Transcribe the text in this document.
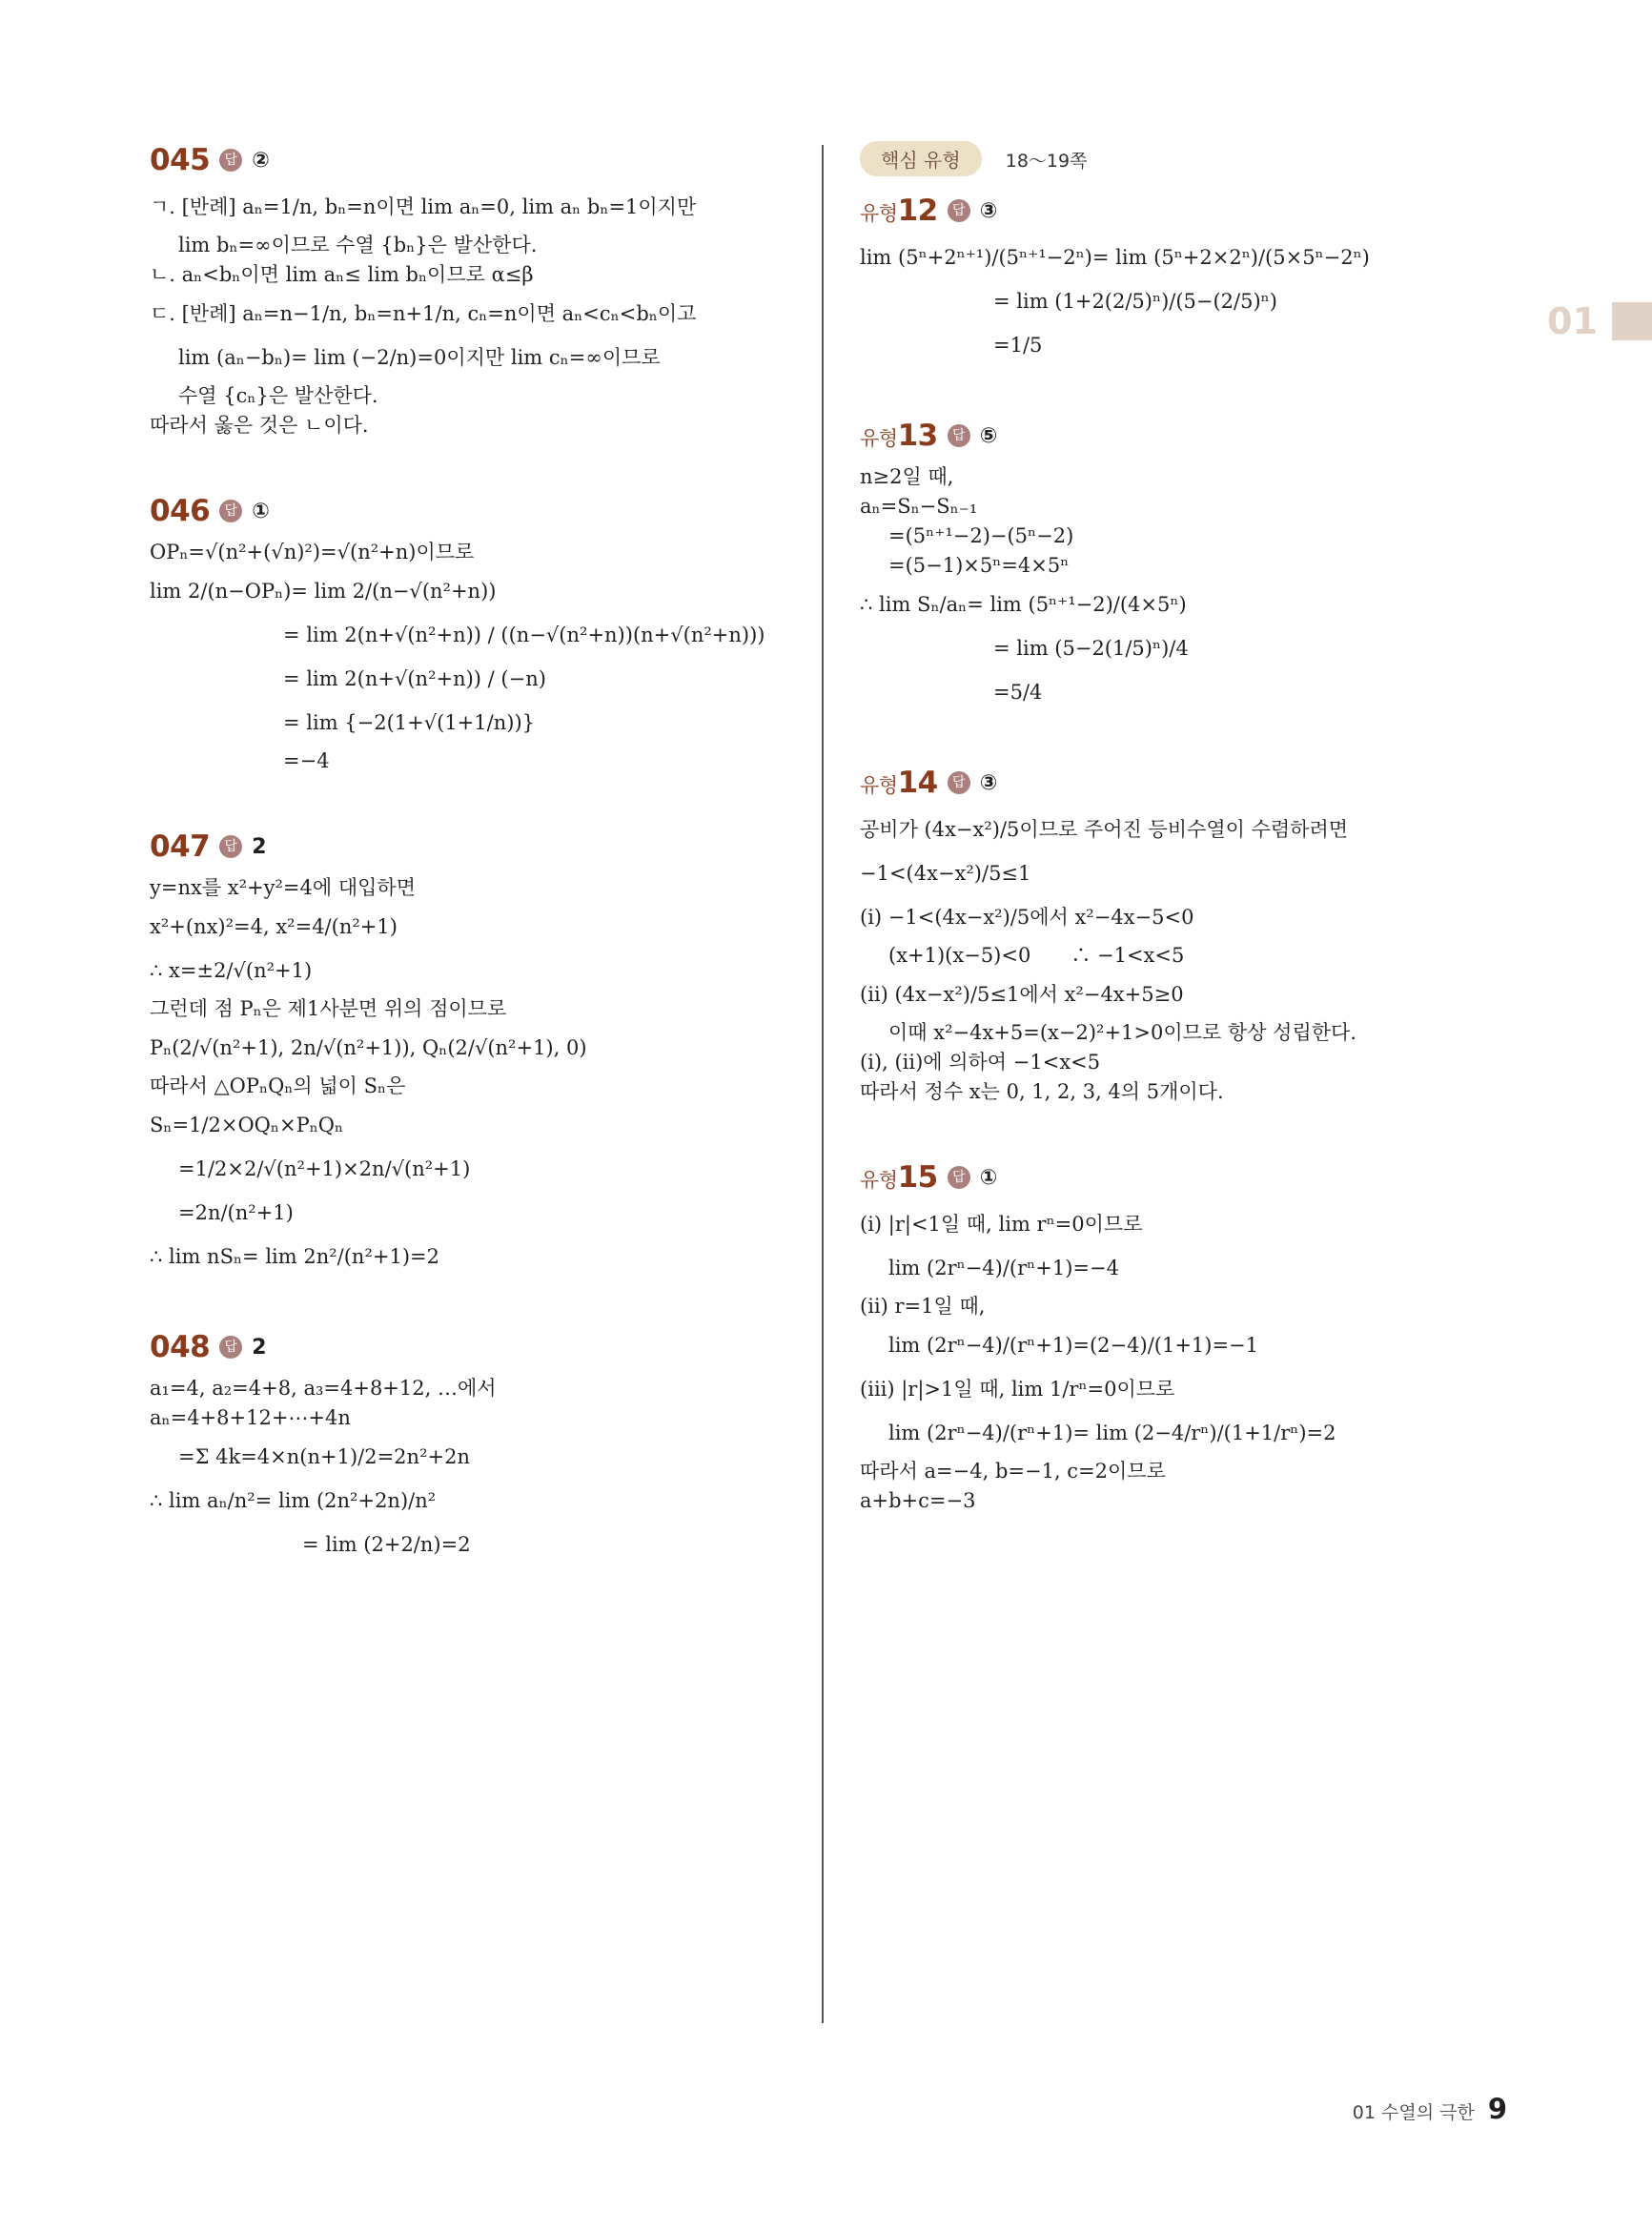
045	답 ②
ㄱ. [반례] aₙ=1/n, bₙ=n이면 lim aₙ=0, lim aₙ bₙ=1이지만
lim bₙ=∞이므로 수열 {bₙ}은 발산한다.
ㄴ. aₙ<bₙ이면 lim aₙ≤ lim bₙ이므로 α≤β
ㄷ. [반례] aₙ=n−1/n, bₙ=n+1/n, cₙ=n이면 aₙ<cₙ<bₙ이고
lim (aₙ−bₙ)= lim (−2/n)=0이지만 lim cₙ=∞이므로
수열 {cₙ}은 발산한다.
따라서 옳은 것은 ㄴ이다.
046	답 ①
OPₙ=√(n²+(√n)²)=√(n²+n)이므로
lim 2/(n−OPₙ)= lim 2/(n−√(n²+n))
= lim 2(n+√(n²+n)) / ((n−√(n²+n))(n+√(n²+n)))
= lim 2(n+√(n²+n)) / (−n)
= lim {−2(1+√(1+1/n))}
=−4
047	답 2
y=nx를 x²+y²=4에 대입하면
x²+(nx)²=4, x²=4/(n²+1)
∴ x=±2/√(n²+1)
그런데 점 Pₙ은 제1사분면 위의 점이므로
Pₙ(2/√(n²+1), 2n/√(n²+1)), Qₙ(2/√(n²+1), 0)
따라서 △OPₙQₙ의 넓이 Sₙ은
Sₙ=1/2×OQₙ×PₙQₙ
=1/2×2/√(n²+1)×2n/√(n²+1)
=2n/(n²+1)
∴ lim nSₙ= lim 2n²/(n²+1)=2
048	답 2
a₁=4, a₂=4+8, a₃=4+8+12, …에서
aₙ=4+8+12+⋯+4n
=Σ 4k=4×n(n+1)/2=2n²+2n
∴ lim aₙ/n²= lim (2n²+2n)/n²
= lim (2+2/n)=2
핵심 유형 18～19쪽
유형12	답 ③
lim (5ⁿ+2ⁿ⁺¹)/(5ⁿ⁺¹−2ⁿ)= lim (5ⁿ+2×2ⁿ)/(5×5ⁿ−2ⁿ)
= lim (1+2(2/5)ⁿ)/(5−(2/5)ⁿ)
=1/5
유형13	답 ⑤
n≥2일 때,
aₙ=Sₙ−Sₙ₋₁
=(5ⁿ⁺¹−2)−(5ⁿ−2)
=(5−1)×5ⁿ=4×5ⁿ
∴ lim Sₙ/aₙ= lim (5ⁿ⁺¹−2)/(4×5ⁿ)
= lim (5−2(1/5)ⁿ)/4
=5/4
유형14	답 ③
공비가 (4x−x²)/5이므로 주어진 등비수열이 수렴하려면
−1<(4x−x²)/5≤1
(ⅰ) −1<(4x−x²)/5에서 x²−4x−5<0
(x+1)(x−5)<0　　∴ −1<x<5
(ⅱ) (4x−x²)/5≤1에서 x²−4x+5≥0
이때 x²−4x+5=(x−2)²+1>0이므로 항상 성립한다.
(ⅰ), (ⅱ)에 의하여 −1<x<5
따라서 정수 x는 0, 1, 2, 3, 4의 5개이다.
유형15	답 ①
(ⅰ) |r|<1일 때, lim rⁿ=0이므로
lim (2rⁿ−4)/(rⁿ+1)=−4
(ⅱ) r=1일 때,
lim (2rⁿ−4)/(rⁿ+1)=(2−4)/(1+1)=−1
(ⅲ) |r|>1일 때, lim 1/rⁿ=0이므로
lim (2rⁿ−4)/(rⁿ+1)= lim (2−4/rⁿ)/(1+1/rⁿ)=2
따라서 a=−4, b=−1, c=2이므로
a+b+c=−3
01
01 수열의 극한 9
